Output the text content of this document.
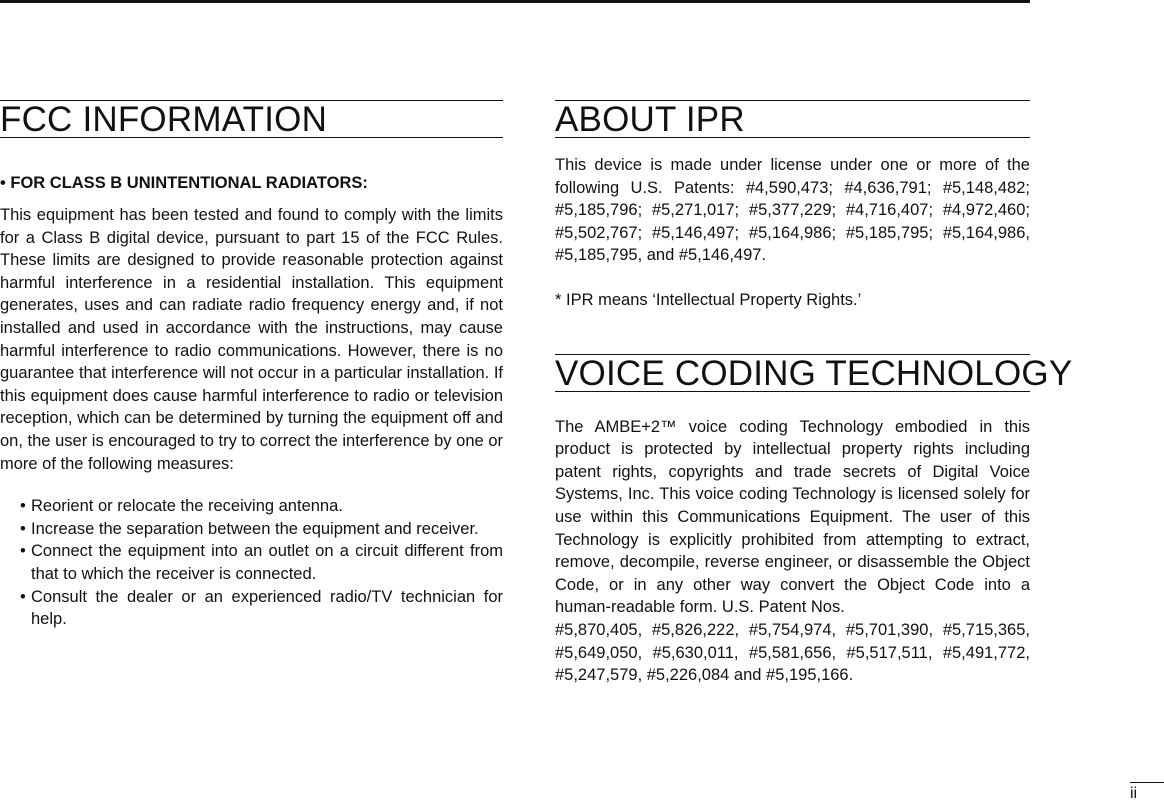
FCC INFORMATION
• FOR CLASS B UNINTENTIONAL RADIATORS:

This equipment has been tested and found to comply with the limits for a Class B digital device, pursuant to part 15 of the FCC Rules. These limits are designed to provide reasonable protection against harmful interference in a residential installation. This equipment generates, uses and can radiate radio frequency energy and, if not installed and used in accordance with the instructions, may cause harmful interference to radio communications. However, there is no guarantee that interference will not occur in a particular installation. If this equipment does cause harmful interference to radio or television reception, which can be determined by turning the equipment off and on, the user is encouraged to try to correct the interference by one or more of the following measures:

• Reorient or relocate the receiving antenna.
• Increase the separation between the equipment and receiver.
• Connect the equipment into an outlet on a circuit different from that to which the receiver is connected.
• Consult the dealer or an experienced radio/TV technician for help.
ABOUT IPR

This device is made under license under one or more of the following U.S. Patents: #4,590,473; #4,636,791; #5,148,482; #5,185,796; #5,271,017; #5,377,229; #4,716,407; #4,972,460; #5,502,767; #5,146,497; #5,164,986; #5,185,795; #5,164,986, #5,185,795, and #5,146,497.

* IPR means ‘Intellectual Property Rights.’

VOICE CODING TECHNOLOGY

The AMBE+2™ voice coding Technology embodied in this product is protected by intellectual property rights including patent rights, copyrights and trade secrets of Digital Voice Systems, Inc. This voice coding Technology is licensed solely for use within this Communications Equipment. The user of this Technology is explicitly prohibited from attempting to extract, remove, decompile, reverse engineer, or disassemble the Object Code, or in any other way convert the Object Code into a human-readable form. U.S. Patent Nos.

#5,870,405, #5,826,222, #5,754,974, #5,701,390, #5,715,365, #5,649,050, #5,630,011, #5,581,656, #5,517,511, #5,491,772, #5,247,579, #5,226,084 and #5,195,166.

ii
